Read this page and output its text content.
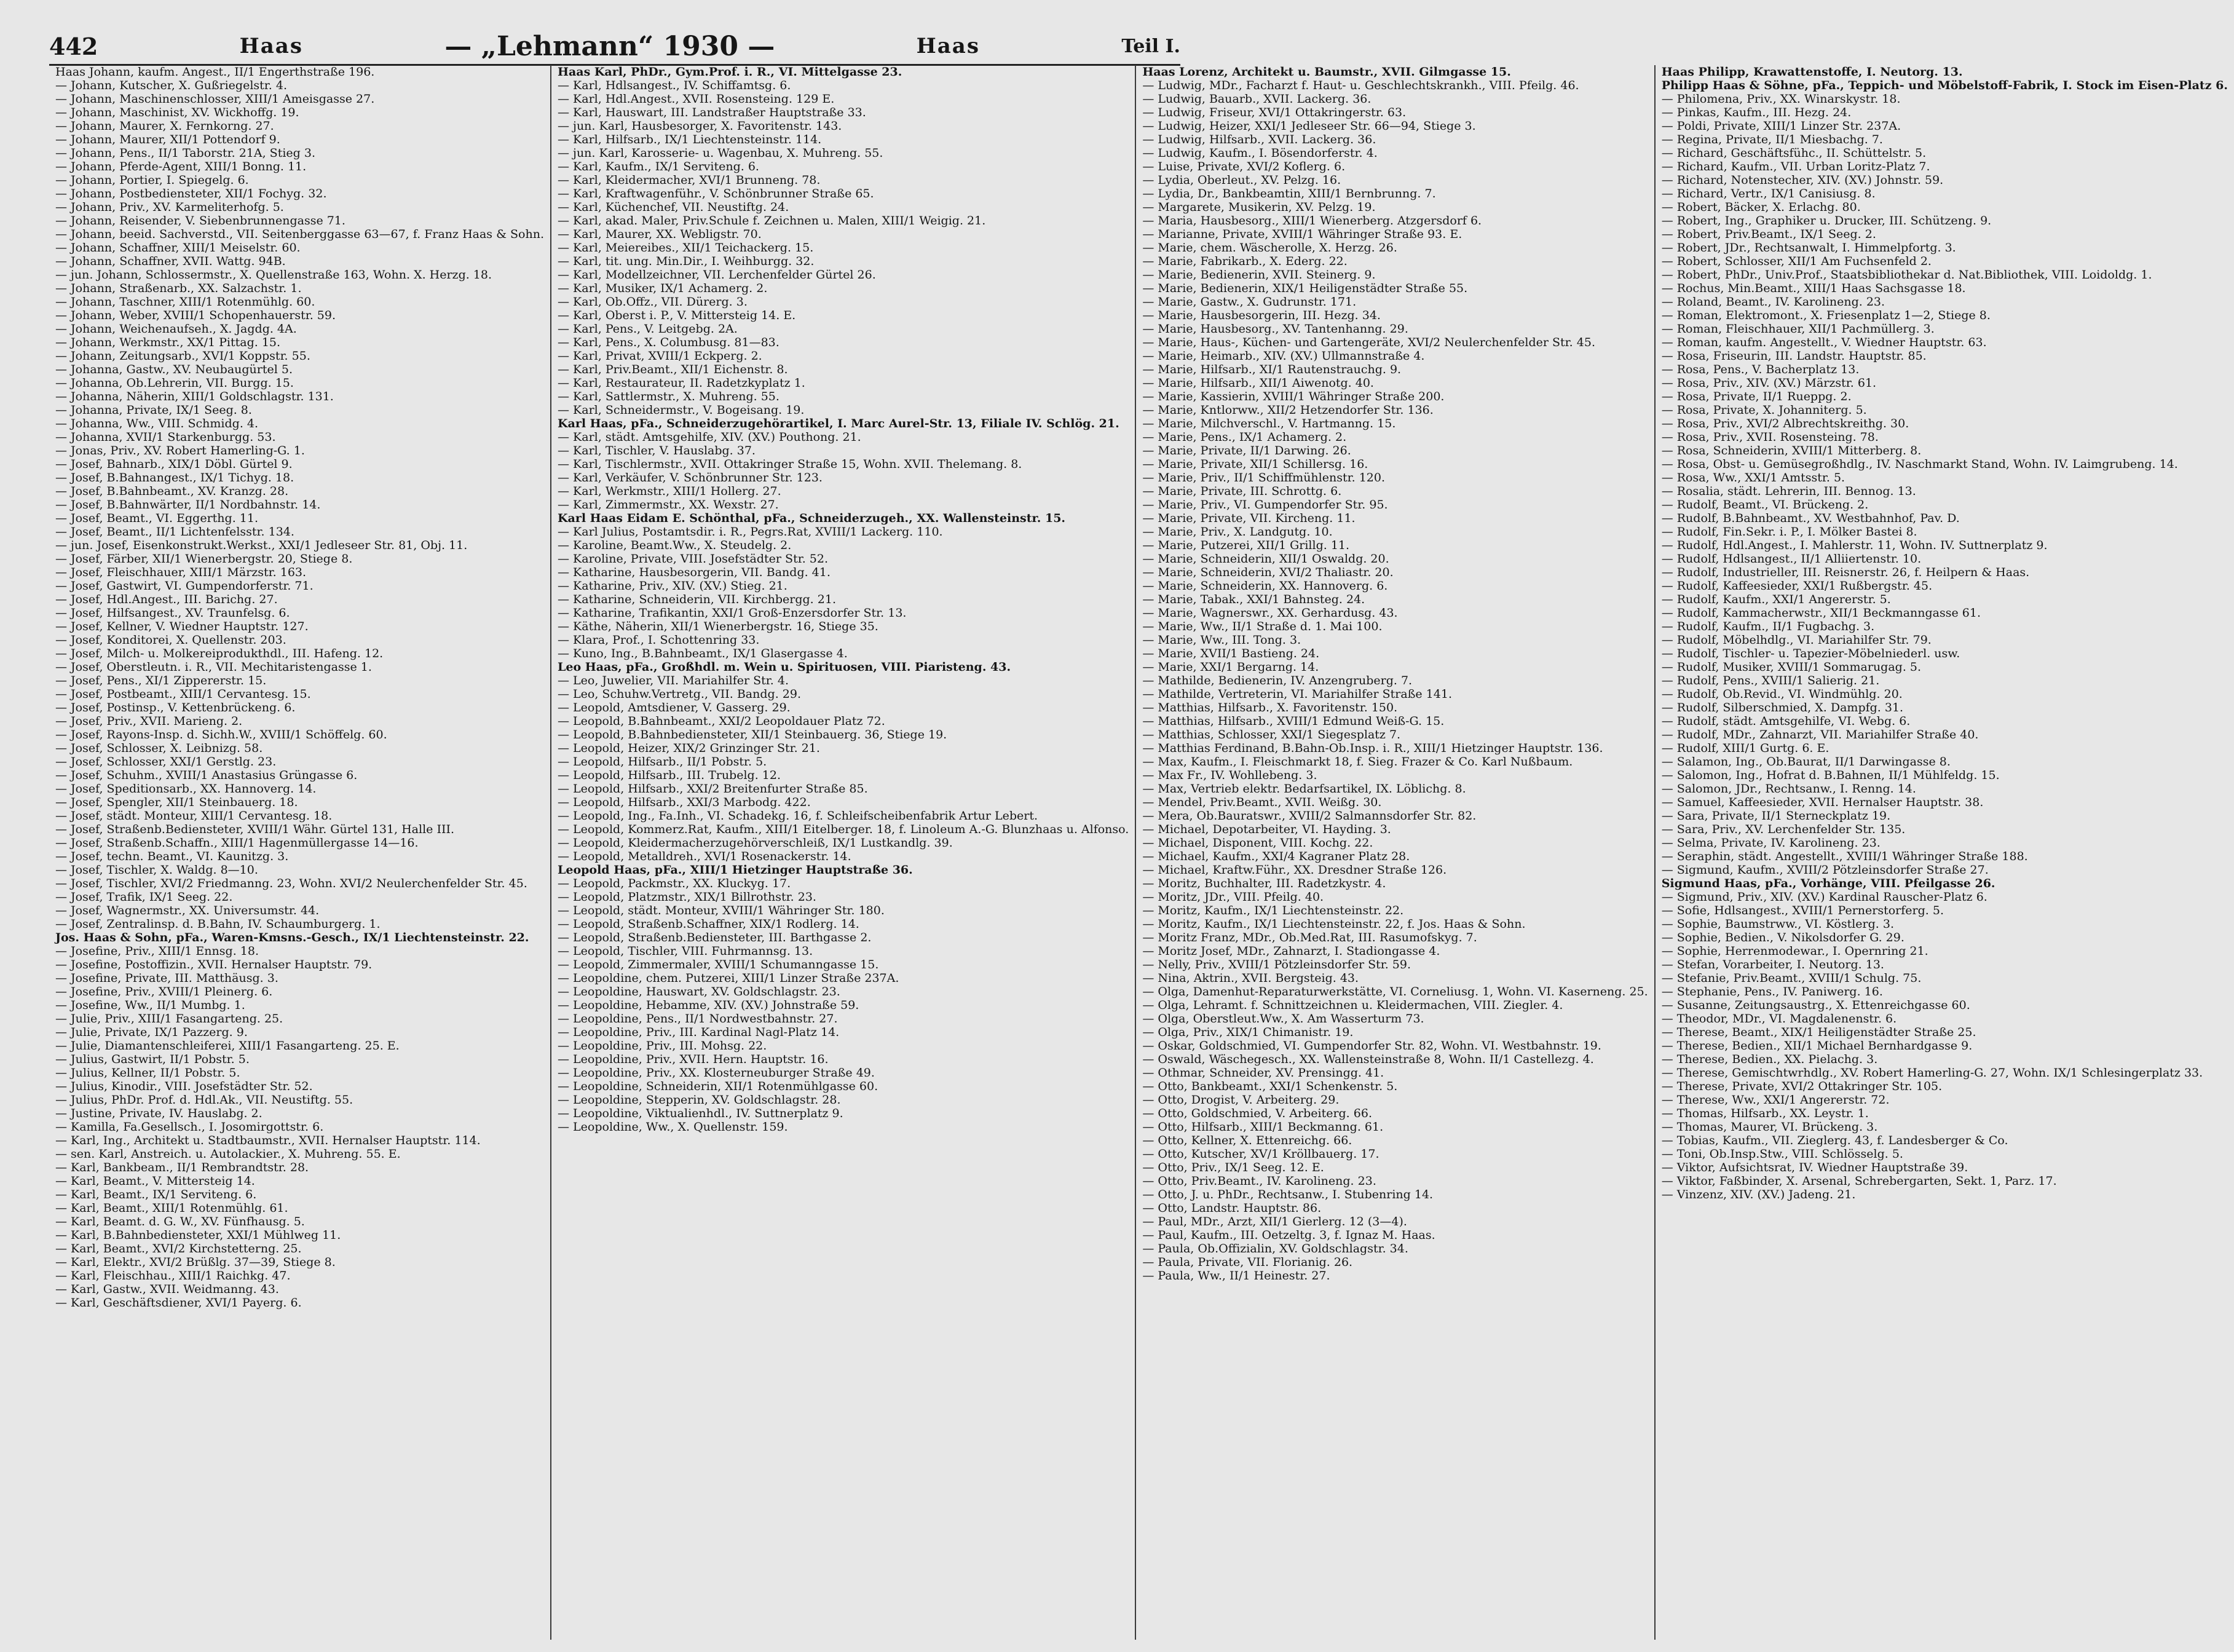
442	Haas	— „Lehmann“ 1930 —	Haas	Teil I.

Haas Johann, kaufm. Angest., II/1 Engerthstraße 196.

— Johann, Kutscher, X. Gußriegelstr. 4.

— Johann, Maschinenschlosser, XIII/1 Ameisgasse 27.

— Johann, Maschinist, XV. Wickhoffg. 19.

— Johann, Maurer, X. Fernkorng. 27.

— Johann, Maurer, XII/1 Pottendorf 9.

— Johann, Pens., II/1 Taborstr. 21A, Stieg 3.

— Johann, Pferde-Agent, XIII/1 Bonng. 11.

— Johann, Portier, I. Spiegelg. 6.

— Johann, Postbediensteter, XII/1 Fochyg. 32.

— Johann, Priv., XV. Karmeliterhofg. 5.

— Johann, Reisender, V. Siebenbrunnengasse 71.

— Johann, beeid. Sachverstd., VII. Seitenberggasse 63—67, f. Franz Haas & Sohn.

— Johann, Schaffner, XIII/1 Meiselstr. 60.

— Johann, Schaffner, XVII. Wattg. 94B.

— jun. Johann, Schlossermstr., X. Quellenstraße 163, Wohn. X. Herzg. 18.

— Johann, Straßenarb., XX. Salzachstr. 1.

— Johann, Taschner, XIII/1 Rotenmühlg. 60.

— Johann, Weber, XVIII/1 Schopenhauerstr. 59.

— Johann, Weichenaufseh., X. Jagdg. 4A.

— Johann, Werkmstr., XX/1 Pittag. 15.

— Johann, Zeitungsarb., XVI/1 Koppstr. 55.

— Johanna, Gastw., XV. Neubaugürtel 5.

— Johanna, Ob.Lehrerin, VII. Burgg. 15.

— Johanna, Näherin, XIII/1 Goldschlagstr. 131.

— Johanna, Private, IX/1 Seeg. 8.

— Johanna, Ww., VIII. Schmidg. 4.

— Johanna, XVII/1 Starkenburgg. 53.

— Jonas, Priv., XV. Robert Hamerling-G. 1.

— Josef, Bahnarb., XIX/1 Döbl. Gürtel 9.

— Josef, B.Bahnangest., IX/1 Tichyg. 18.

— Josef, B.Bahnbeamt., XV. Kranzg. 28.

— Josef, B.Bahnwärter, II/1 Nordbahnstr. 14.

— Josef, Beamt., VI. Eggerthg. 11.

— Josef, Beamt., II/1 Lichtenfelsstr. 134.

— jun. Josef, Eisenkonstrukt.Werkst., XXI/1 Jedleseer Str. 81, Obj. 11.

— Josef, Färber, XII/1 Wienerbergstr. 20, Stiege 8.

— Josef, Fleischhauer, XIII/1 Märzstr. 163.

— Josef, Gastwirt, VI. Gumpendorferstr. 71.

— Josef, Hdl.Angest., III. Barichg. 27.

— Josef, Hilfsangest., XV. Traunfelsg. 6.

— Josef, Kellner, V. Wiedner Hauptstr. 127.

— Josef, Konditorei, X. Quellenstr. 203.

— Josef, Milch- u. Molkereiprodukthdl., III. Hafeng. 12.

— Josef, Oberstleutn. i. R., VII. Mechitaristengasse 1.

— Josef, Pens., XI/1 Zippererstr. 15.

— Josef, Postbeamt., XIII/1 Cervantesg. 15.

— Josef, Postinsp., V. Kettenbrückeng. 6.

— Josef, Priv., XVII. Marieng. 2.

— Josef, Rayons-Insp. d. Sichh.W., XVIII/1 Schöffelg. 60.

— Josef, Schlosser, X. Leibnizg. 58.

— Josef, Schlosser, XXI/1 Gerstlg. 23.

— Josef, Schuhm., XVIII/1 Anastasius Grüngasse 6.

— Josef, Speditionsarb., XX. Hannoverg. 14.

— Josef, Spengler, XII/1 Steinbauerg. 18.

— Josef, städt. Monteur, XIII/1 Cervantesg. 18.

— Josef, Straßenb.Bediensteter, XVIII/1 Währ. Gürtel 131, Halle III.

— Josef, Straßenb.Schaffn., XIII/1 Hagenmüllergasse 14—16.

— Josef, techn. Beamt., VI. Kaunitzg. 3.

— Josef, Tischler, X. Waldg. 8—10.

— Josef, Tischler, XVI/2 Friedmanng. 23, Wohn. XVI/2 Neulerchenfelder Str. 45.

— Josef, Trafik, IX/1 Seeg. 22.

— Josef, Wagnermstr., XX. Universumstr. 44.

— Josef, Zentralinsp. d. B.Bahn, IV. Schaumburgerg. 1.

Jos. Haas & Sohn, pFa., Waren-Kmsns.-Gesch., IX/1 Liechtensteinstr. 22.

— Josefine, Priv., XIII/1 Ennsg. 18.

— Josefine, Postoffizin., XVII. Hernalser Hauptstr. 79.

— Josefine, Private, III. Matthäusg. 3.

— Josefine, Priv., XVIII/1 Pleinerg. 6.

— Josefine, Ww., II/1 Mumbg. 1.

— Julie, Priv., XIII/1 Fasangarteng. 25.

— Julie, Private, IX/1 Pazzerg. 9.

— Julie, Diamantenschleiferei, XIII/1 Fasangarteng. 25. E.

— Julius, Gastwirt, II/1 Pobstr. 5.

— Julius, Kellner, II/1 Pobstr. 5.

— Julius, Kinodir., VIII. Josefstädter Str. 52.

— Julius, PhDr. Prof. d. Hdl.Ak., VII. Neustiftg. 55.

— Justine, Private, IV. Hauslabg. 2.

— Kamilla, Fa.Gesellsch., I. Josomirgottstr. 6.

— Karl, Ing., Architekt u. Stadtbaumstr., XVII. Hernalser Hauptstr. 114.

— sen. Karl, Anstreich. u. Autolackier., X. Muhreng. 55. E.

— Karl, Bankbeam., II/1 Rembrandtstr. 28.

— Karl, Beamt., V. Mittersteig 14.

— Karl, Beamt., IX/1 Serviteng. 6.

— Karl, Beamt., XIII/1 Rotenmühlg. 61.

— Karl, Beamt. d. G. W., XV. Fünfhausg. 5.

— Karl, B.Bahnbediensteter, XXI/1 Mühlweg 11.

— Karl, Beamt., XVI/2 Kirchstetterng. 25.

— Karl, Elektr., XVI/2 Brüßlg. 37—39, Stiege 8.

— Karl, Fleischhau., XIII/1 Raichkg. 47.

— Karl, Gastw., XVII. Weidmanng. 43.

— Karl, Geschäftsdiener, XVI/1 Payerg. 6.

Haas Karl, PhDr., Gym.Prof. i. R., VI. Mittelgasse 23.

— Karl, Hdlsangest., IV. Schiffamtsg. 6.

— Karl, Hdl.Angest., XVII. Rosensteing. 129 E.

— Karl, Hauswart, III. Landstraßer Hauptstraße 33.

— jun. Karl, Hausbesorger, X. Favoritenstr. 143.

— Karl, Hilfsarb., IX/1 Liechtensteinstr. 114.

— jun. Karl, Karosserie- u. Wagenbau, X. Muhreng. 55.

— Karl, Kaufm., IX/1 Serviteng. 6.

— Karl, Kleidermacher, XVI/1 Brunneng. 78.

— Karl, Kraftwagenführ., V. Schönbrunner Straße 65.

— Karl, Küchenchef, VII. Neustiftg. 24.

— Karl, akad. Maler, Priv.Schule f. Zeichnen u. Malen, XIII/1 Weigig. 21.

— Karl, Maurer, XX. Webligstr. 70.

— Karl, Meiereibes., XII/1 Teichackerg. 15.

— Karl, tit. ung. Min.Dir., I. Weihburgg. 32.

— Karl, Modellzeichner, VII. Lerchenfelder Gürtel 26.

— Karl, Musiker, IX/1 Achamerg. 2.

— Karl, Ob.Offz., VII. Dürerg. 3.

— Karl, Oberst i. P., V. Mittersteig 14. E.

— Karl, Pens., V. Leitgebg. 2A.

— Karl, Pens., X. Columbusg. 81—83.

— Karl, Privat, XVIII/1 Eckperg. 2.

— Karl, Priv.Beamt., XII/1 Eichenstr. 8.

— Karl, Restaurateur, II. Radetzkyplatz 1.

— Karl, Sattlermstr., X. Muhreng. 55.

— Karl, Schneidermstr., V. Bogeisang. 19.

Karl Haas, pFa., Schneiderzugehörartikel, I. Marc Aurel-Str. 13, Filiale IV. Schlög. 21.

— Karl, städt. Amtsgehilfe, XIV. (XV.) Pouthong. 21.

— Karl, Tischler, V. Hauslabg. 37.

— Karl, Tischlermstr., XVII. Ottakringer Straße 15, Wohn. XVII. Thelemang. 8.

— Karl, Verkäufer, V. Schönbrunner Str. 123.

— Karl, Werkmstr., XIII/1 Hollerg. 27.

— Karl, Zimmermstr., XX. Wexstr. 27.

Karl Haas Eidam E. Schönthal, pFa., Schneiderzugeh., XX. Wallensteinstr. 15.

— Karl Julius, Postamtsdir. i. R., Pegrs.Rat, XVIII/1 Lackerg. 110.

— Karoline, Beamt.Ww., X. Steudelg. 2.

— Karoline, Private, VIII. Josefstädter Str. 52.

— Katharine, Hausbesorgerin, VII. Bandg. 41.

— Katharine, Priv., XIV. (XV.) Stieg. 21.

— Katharine, Schneiderin, VII. Kirchbergg. 21.

— Katharine, Trafikantin, XXI/1 Groß-Enzersdorfer Str. 13.

— Käthe, Näherin, XII/1 Wienerbergstr. 16, Stiege 35.

— Klara, Prof., I. Schottenring 33.

— Kuno, Ing., B.Bahnbeamt., IX/1 Glasergasse 4.

Leo Haas, pFa., Großhdl. m. Wein u. Spirituosen, VIII. Piaristeng. 43.

— Leo, Juwelier, VII. Mariahilfer Str. 4.

— Leo, Schuhw.Vertretg., VII. Bandg. 29.

— Leopold, Amtsdiener, V. Gasserg. 29.

— Leopold, B.Bahnbeamt., XXI/2 Leopoldauer Platz 72.

— Leopold, B.Bahnbediensteter, XII/1 Steinbauerg. 36, Stiege 19.

— Leopold, Heizer, XIX/2 Grinzinger Str. 21.

— Leopold, Hilfsarb., II/1 Pobstr. 5.

— Leopold, Hilfsarb., III. Trubelg. 12.

— Leopold, Hilfsarb., XXI/2 Breitenfurter Straße 85.

— Leopold, Hilfsarb., XXI/3 Marbodg. 422.

— Leopold, Ing., Fa.Inh., VI. Schadekg. 16, f. Schleifscheibenfabrik Artur Lebert.

— Leopold, Kommerz.Rat, Kaufm., XIII/1 Eitelberger. 18, f. Linoleum A.-G. Blunzhaas u. Alfonso.

— Leopold, Kleidermacherzugehörverschleiß, IX/1 Lustkandlg. 39.

— Leopold, Metalldreh., XVI/1 Rosenackerstr. 14.

Leopold Haas, pFa., XIII/1 Hietzinger Hauptstraße 36.

— Leopold, Packmstr., XX. Kluckyg. 17.

— Leopold, Platzmstr., XIX/1 Billrothstr. 23.

— Leopold, städt. Monteur, XVIII/1 Währinger Str. 180.

— Leopold, Straßenb.Schaffner, XIX/1 Rodlerg. 14.

— Leopold, Straßenb.Bediensteter, III. Barthgasse 2.

— Leopold, Tischler, VIII. Fuhrmannsg. 13.

— Leopold, Zimmermaler, XVIII/1 Schumanngasse 15.

— Leopoldine, chem. Putzerei, XIII/1 Linzer Straße 237A.

— Leopoldine, Hauswart, XV. Goldschlagstr. 23.

— Leopoldine, Hebamme, XIV. (XV.) Johnstraße 59.

— Leopoldine, Pens., II/1 Nordwestbahnstr. 27.

— Leopoldine, Priv., III. Kardinal Nagl-Platz 14.

— Leopoldine, Priv., III. Mohsg. 22.

— Leopoldine, Priv., XVII. Hern. Hauptstr. 16.

— Leopoldine, Priv., XX. Klosterneuburger Straße 49.

— Leopoldine, Schneiderin, XII/1 Rotenmühlgasse 60.

— Leopoldine, Stepperin, XV. Goldschlagstr. 28.

— Leopoldine, Viktualienhdl., IV. Suttnerplatz 9.

— Leopoldine, Ww., X. Quellenstr. 159.

Haas Lorenz, Architekt u. Baumstr., XVII. Gilmgasse 15.

— Ludwig, MDr., Facharzt f. Haut- u. Geschlechtskrankh., VIII. Pfeilg. 46.

— Ludwig, Bauarb., XVII. Lackerg. 36.

— Ludwig, Friseur, XVI/1 Ottakringerstr. 63.

— Ludwig, Heizer, XXI/1 Jedleseer Str. 66—94, Stiege 3.

— Ludwig, Hilfsarb., XVII. Lackerg. 36.

— Ludwig, Kaufm., I. Bösendorferstr. 4.

— Luise, Private, XVI/2 Koflerg. 6.

— Lydia, Oberleut., XV. Pelzg. 16.

— Lydia, Dr., Bankbeamtin, XIII/1 Bernbrunng. 7.

— Margarete, Musikerin, XV. Pelzg. 19.

— Maria, Hausbesorg., XIII/1 Wienerberg. Atzgersdorf 6.

— Marianne, Private, XVIII/1 Währinger Straße 93. E.

— Marie, chem. Wäscherolle, X. Herzg. 26.

— Marie, Fabrikarb., X. Ederg. 22.

— Marie, Bedienerin, XVII. Steinerg. 9.

— Marie, Bedienerin, XIX/1 Heiligenstädter Straße 55.

— Marie, Gastw., X. Gudrunstr. 171.

— Marie, Hausbesorgerin, III. Hezg. 34.

— Marie, Hausbesorg., XV. Tantenhanng. 29.

— Marie, Haus-, Küchen- und Gartengeräte, XVI/2 Neulerchenfelder Str. 45.

— Marie, Heimarb., XIV. (XV.) Ullmannstraße 4.

— Marie, Hilfsarb., XI/1 Rautenstrauchg. 9.

— Marie, Hilfsarb., XII/1 Aiwenotg. 40.

— Marie, Kassierin, XVIII/1 Währinger Straße 200.

— Marie, Kntlorww., XII/2 Hetzendorfer Str. 136.

— Marie, Milchverschl., V. Hartmanng. 15.

— Marie, Pens., IX/1 Achamerg. 2.

— Marie, Private, II/1 Darwing. 26.

— Marie, Private, XII/1 Schillersg. 16.

— Marie, Priv., II/1 Schiffmühlenstr. 120.

— Marie, Private, III. Schrottg. 6.

— Marie, Priv., VI. Gumpendorfer Str. 95.

— Marie, Private, VII. Kircheng. 11.

— Marie, Priv., X. Landgutg. 10.

— Marie, Putzerei, XII/1 Grillg. 11.

— Marie, Schneiderin, XII/1 Oswaldg. 20.

— Marie, Schneiderin, XVI/2 Thaliastr. 20.

— Marie, Schneiderin, XX. Hannoverg. 6.

— Marie, Tabak., XXI/1 Bahnsteg. 24.

— Marie, Wagnerswr., XX. Gerhardusg. 43.

— Marie, Ww., II/1 Straße d. 1. Mai 100.

— Marie, Ww., III. Tong. 3.

— Marie, XVII/1 Bastieng. 24.

— Marie, XXI/1 Bergarng. 14.

— Mathilde, Bedienerin, IV. Anzengruberg. 7.

— Mathilde, Vertreterin, VI. Mariahilfer Straße 141.

— Matthias, Hilfsarb., X. Favoritenstr. 150.

— Matthias, Hilfsarb., XVIII/1 Edmund Weiß-G. 15.

— Matthias, Schlosser, XXI/1 Siegesplatz 7.

— Matthias Ferdinand, B.Bahn-Ob.Insp. i. R., XIII/1 Hietzinger Hauptstr. 136.

— Max, Kaufm., I. Fleischmarkt 18, f. Sieg. Frazer & Co. Karl Nußbaum.

— Max Fr., IV. Wohllebeng. 3.

— Max, Vertrieb elektr. Bedarfsartikel, IX. Löblichg. 8.

— Mendel, Priv.Beamt., XVII. Weißg. 30.

— Mera, Ob.Bauratswr., XVIII/2 Salmannsdorfer Str. 82.

— Michael, Depotarbeiter, VI. Hayding. 3.

— Michael, Disponent, VIII. Kochg. 22.

— Michael, Kaufm., XXI/4 Kagraner Platz 28.

— Michael, Kraftw.Führ., XX. Dresdner Straße 126.

— Moritz, Buchhalter, III. Radetzkystr. 4.

— Moritz, JDr., VIII. Pfeilg. 40.

— Moritz, Kaufm., IX/1 Liechtensteinstr. 22.

— Moritz, Kaufm., IX/1 Liechtensteinstr. 22, f. Jos. Haas & Sohn.

— Moritz Franz, MDr., Ob.Med.Rat, III. Rasumofskyg. 7.

— Moritz Josef, MDr., Zahnarzt, I. Stadiongasse 4.

— Nelly, Priv., XVIII/1 Pötzleinsdorfer Str. 59.

— Nina, Aktrin., XVII. Bergsteig. 43.

— Olga, Damenhut-Reparaturwerkstätte, VI. Corneliusg. 1, Wohn. VI. Kaserneng. 25.

— Olga, Lehramt. f. Schnittzeichnen u. Kleidermachen, VIII. Ziegler. 4.

— Olga, Oberstleut.Ww., X. Am Wasserturm 73.

— Olga, Priv., XIX/1 Chimanistr. 19.

— Oskar, Goldschmied, VI. Gumpendorfer Str. 82, Wohn. VI. Westbahnstr. 19.

— Oswald, Wäschegesch., XX. Wallensteinstraße 8, Wohn. II/1 Castellezg. 4.

— Othmar, Schneider, XV. Prensingg. 41.

— Otto, Bankbeamt., XXI/1 Schenkenstr. 5.

— Otto, Drogist, V. Arbeiterg. 29.

— Otto, Goldschmied, V. Arbeiterg. 66.

— Otto, Hilfsarb., XIII/1 Beckmanng. 61.

— Otto, Kellner, X. Ettenreichg. 66.

— Otto, Kutscher, XV/1 Kröllbauerg. 17.

— Otto, Priv., IX/1 Seeg. 12. E.

— Otto, Priv.Beamt., IV. Karolineng. 23.

— Otto, J. u. PhDr., Rechtsanw., I. Stubenring 14.

— Otto, Landstr. Hauptstr. 86.

— Paul, MDr., Arzt, XII/1 Gierlerg. 12 (3—4).

— Paul, Kaufm., III. Oetzeltg. 3, f. Ignaz M. Haas.

— Paula, Ob.Offizialin, XV. Goldschlagstr. 34.

— Paula, Private, VII. Florianig. 26.

— Paula, Ww., II/1 Heinestr. 27.

Haas Philipp, Krawattenstoffe, I. Neutorg. 13.

Philipp Haas & Söhne, pFa., Teppich- und Möbelstoff-Fabrik, I. Stock im Eisen-Platz 6.

— Philomena, Priv., XX. Winarskystr. 18.

— Pinkas, Kaufm., III. Hezg. 24.

— Poldi, Private, XIII/1 Linzer Str. 237A.

— Regina, Private, II/1 Miesbachg. 7.

— Richard, Geschäftsfühc., II. Schüttelstr. 5.

— Richard, Kaufm., VII. Urban Loritz-Platz 7.

— Richard, Notenstecher, XIV. (XV.) Johnstr. 59.

— Richard, Vertr., IX/1 Canisiusg. 8.

— Robert, Bäcker, X. Erlachg. 80.

— Robert, Ing., Graphiker u. Drucker, III. Schützeng. 9.

— Robert, Priv.Beamt., IX/1 Seeg. 2.

— Robert, JDr., Rechtsanwalt, I. Himmelpfortg. 3.

— Robert, Schlosser, XII/1 Am Fuchsenfeld 2.

— Robert, PhDr., Univ.Prof., Staatsbibliothekar d. Nat.Bibliothek, VIII. Loidoldg. 1.

— Rochus, Min.Beamt., XIII/1 Haas Sachsgasse 18.

— Roland, Beamt., IV. Karolineng. 23.

— Roman, Elektromont., X. Friesenplatz 1—2, Stiege 8.

— Roman, Fleischhauer, XII/1 Pachmüllerg. 3.

— Roman, kaufm. Angestellt., V. Wiedner Hauptstr. 63.

— Rosa, Friseurin, III. Landstr. Hauptstr. 85.

— Rosa, Pens., V. Bacherplatz 13.

— Rosa, Priv., XIV. (XV.) Märzstr. 61.

— Rosa, Private, II/1 Rueppg. 2.

— Rosa, Private, X. Johanniterg. 5.

— Rosa, Priv., XVI/2 Albrechtskreithg. 30.

— Rosa, Priv., XVII. Rosensteing. 78.

— Rosa, Schneiderin, XVIII/1 Mitterberg. 8.

— Rosa, Obst- u. Gemüsegroßhdlg., IV. Naschmarkt Stand, Wohn. IV. Laimgrubeng. 14.

— Rosa, Ww., XXI/1 Amtsstr. 5.

— Rosalia, städt. Lehrerin, III. Bennog. 13.

— Rudolf, Beamt., VI. Brückeng. 2.

— Rudolf, B.Bahnbeamt., XV. Westbahnhof, Pav. D.

— Rudolf, Fin.Sekr. i. P., I. Mölker Bastei 8.

— Rudolf, Hdl.Angest., I. Mahlerstr. 11, Wohn. IV. Suttnerplatz 9.

— Rudolf, Hdlsangest., II/1 Alliiertenstr. 10.

— Rudolf, Industrieller, III. Reisnerstr. 26, f. Heilpern & Haas.

— Rudolf, Kaffeesieder, XXI/1 Rußbergstr. 45.

— Rudolf, Kaufm., XXI/1 Angererstr. 5.

— Rudolf, Kammacherwstr., XII/1 Beckmanngasse 61.

— Rudolf, Kaufm., II/1 Fugbachg. 3.

— Rudolf, Möbelhdlg., VI. Mariahilfer Str. 79.

— Rudolf, Tischler- u. Tapezier-Möbelniederl. usw.

— Rudolf, Musiker, XVIII/1 Sommarugag. 5.

— Rudolf, Pens., XVIII/1 Salierig. 21.

— Rudolf, Ob.Revid., VI. Windmühlg. 20.

— Rudolf, Silberschmied, X. Dampfg. 31.

— Rudolf, städt. Amtsgehilfe, VI. Webg. 6.

— Rudolf, MDr., Zahnarzt, VII. Mariahilfer Straße 40.

— Rudolf, XIII/1 Gurtg. 6. E.

— Salamon, Ing., Ob.Baurat, II/1 Darwingasse 8.

— Salomon, Ing., Hofrat d. B.Bahnen, II/1 Mühlfeldg. 15.

— Salomon, JDr., Rechtsanw., I. Renng. 14.

— Samuel, Kaffeesieder, XVII. Hernalser Hauptstr. 38.

— Sara, Private, II/1 Sterneckplatz 19.

— Sara, Priv., XV. Lerchenfelder Str. 135.

— Selma, Private, IV. Karolineng. 23.

— Seraphin, städt. Angestellt., XVIII/1 Währinger Straße 188.

— Sigmund, Kaufm., XVIII/2 Pötzleinsdorfer Straße 27.

Sigmund Haas, pFa., Vorhänge, VIII. Pfeilgasse 26.

— Sigmund, Priv., XIV. (XV.) Kardinal Rauscher-Platz 6.

— Sofie, Hdlsangest., XVIII/1 Pernerstorferg. 5.

— Sophie, Baumstrww., VI. Köstlerg. 3.

— Sophie, Bedien., V. Nikolsdorfer G. 29.

— Sophie, Herrenmodewar., I. Opernring 21.

— Stefan, Vorarbeiter, I. Neutorg. 13.

— Stefanie, Priv.Beamt., XVIII/1 Schulg. 75.

— Stephanie, Pens., IV. Paniwerg. 16.

— Susanne, Zeitungsaustrg., X. Ettenreichgasse 60.

— Theodor, MDr., VI. Magdalenenstr. 6.

— Therese, Beamt., XIX/1 Heiligenstädter Straße 25.

— Therese, Bedien., XII/1 Michael Bernhardgasse 9.

— Therese, Bedien., XX. Pielachg. 3.

— Therese, Gemischtwrhdlg., XV. Robert Hamerling-G. 27, Wohn. IX/1 Schlesingerplatz 33.

— Therese, Private, XVI/2 Ottakringer Str. 105.

— Therese, Ww., XXI/1 Angererstr. 72.

— Thomas, Hilfsarb., XX. Leystr. 1.

— Thomas, Maurer, VI. Brückeng. 3.

— Tobias, Kaufm., VII. Zieglerg. 43, f. Landesberger & Co.

— Toni, Ob.Insp.Stw., VIII. Schlösselg. 5.

— Viktor, Aufsichtsrat, IV. Wiedner Hauptstraße 39.

— Viktor, Faßbinder, X. Arsenal, Schrebergarten, Sekt. 1, Parz. 17.

— Vinzenz, XIV. (XV.) Jadeng. 21.
